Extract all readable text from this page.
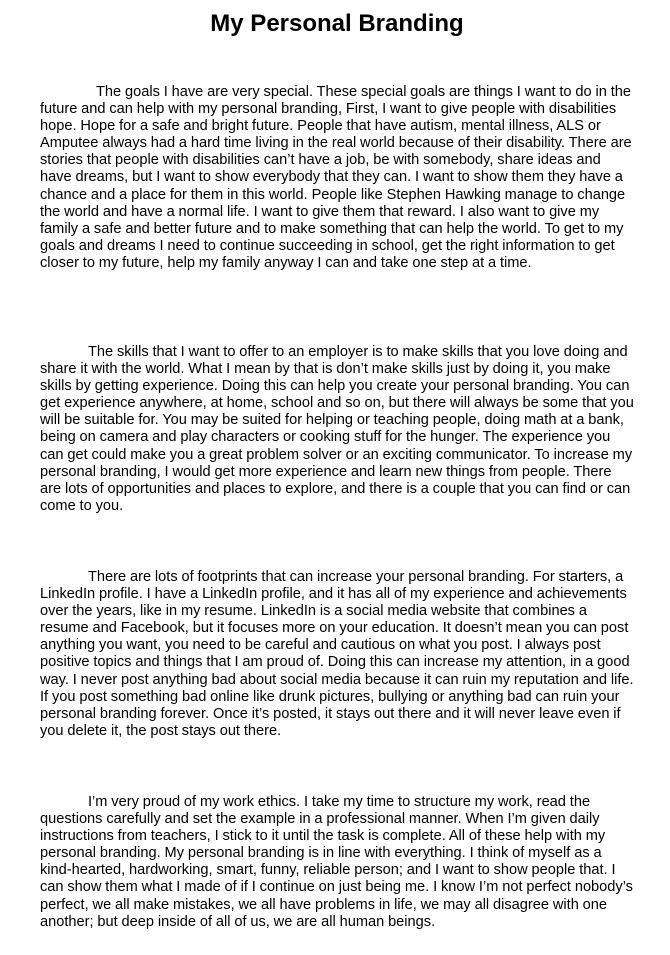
My Personal Branding

The goals I have are very special. These special goals are things I want to do in the future and can help with my personal branding, First, I want to give people with disabilities hope. Hope for a safe and bright future. People that have autism, mental illness, ALS or Amputee always had a hard time living in the real world because of their disability. There are stories that people with disabilities can’t have a job, be with somebody, share ideas and have dreams, but I want to show everybody that they can. I want to show them they have a chance and a place for them in this world. People like Stephen Hawking manage to change the world and have a normal life. I want to give them that reward. I also want to give my family a safe and better future and to make something that can help the world. To get to my goals and dreams I need to continue succeeding in school, get the right information to get closer to my future, help my family anyway I can and take one step at a time.

The skills that I want to offer to an employer is to make skills that you love doing and share it with the world. What I mean by that is don’t make skills just by doing it, you make skills by getting experience. Doing this can help you create your personal branding. You can get experience anywhere, at home, school and so on, but there will always be some that you will be suitable for. You may be suited for helping or teaching people, doing math at a bank, being on camera and play characters or cooking stuff for the hunger. The experience you can get could make you a great problem solver or an exciting communicator. To increase my personal branding, I would get more experience and learn new things from people. There are lots of opportunities and places to explore, and there is a couple that you can find or can come to you.

There are lots of footprints that can increase your personal branding. For starters, a LinkedIn profile. I have a LinkedIn profile, and it has all of my experience and achievements over the years, like in my resume. LinkedIn is a social media website that combines a resume and Facebook, but it focuses more on your education. It doesn’t mean you can post anything you want, you need to be careful and cautious on what you post. I always post positive topics and things that I am proud of. Doing this can increase my attention, in a good way. I never post anything bad about social media because it can ruin my reputation and life. If you post something bad online like drunk pictures, bullying or anything bad can ruin your personal branding forever. Once it’s posted, it stays out there and it will never leave even if you delete it, the post stays out there.

I’m very proud of my work ethics. I take my time to structure my work, read the questions carefully and set the example in a professional manner. When I’m given daily instructions from teachers, I stick to it until the task is complete. All of these help with my personal branding. My personal branding is in line with everything. I think of myself as a kind-hearted, hardworking, smart, funny, reliable person; and I want to show people that. I can show them what I made of if I continue on just being me. I know I’m not perfect nobody’s perfect, we all make mistakes, we all have problems in life, we may all disagree with one another; but deep inside of all of us, we are all human beings.
